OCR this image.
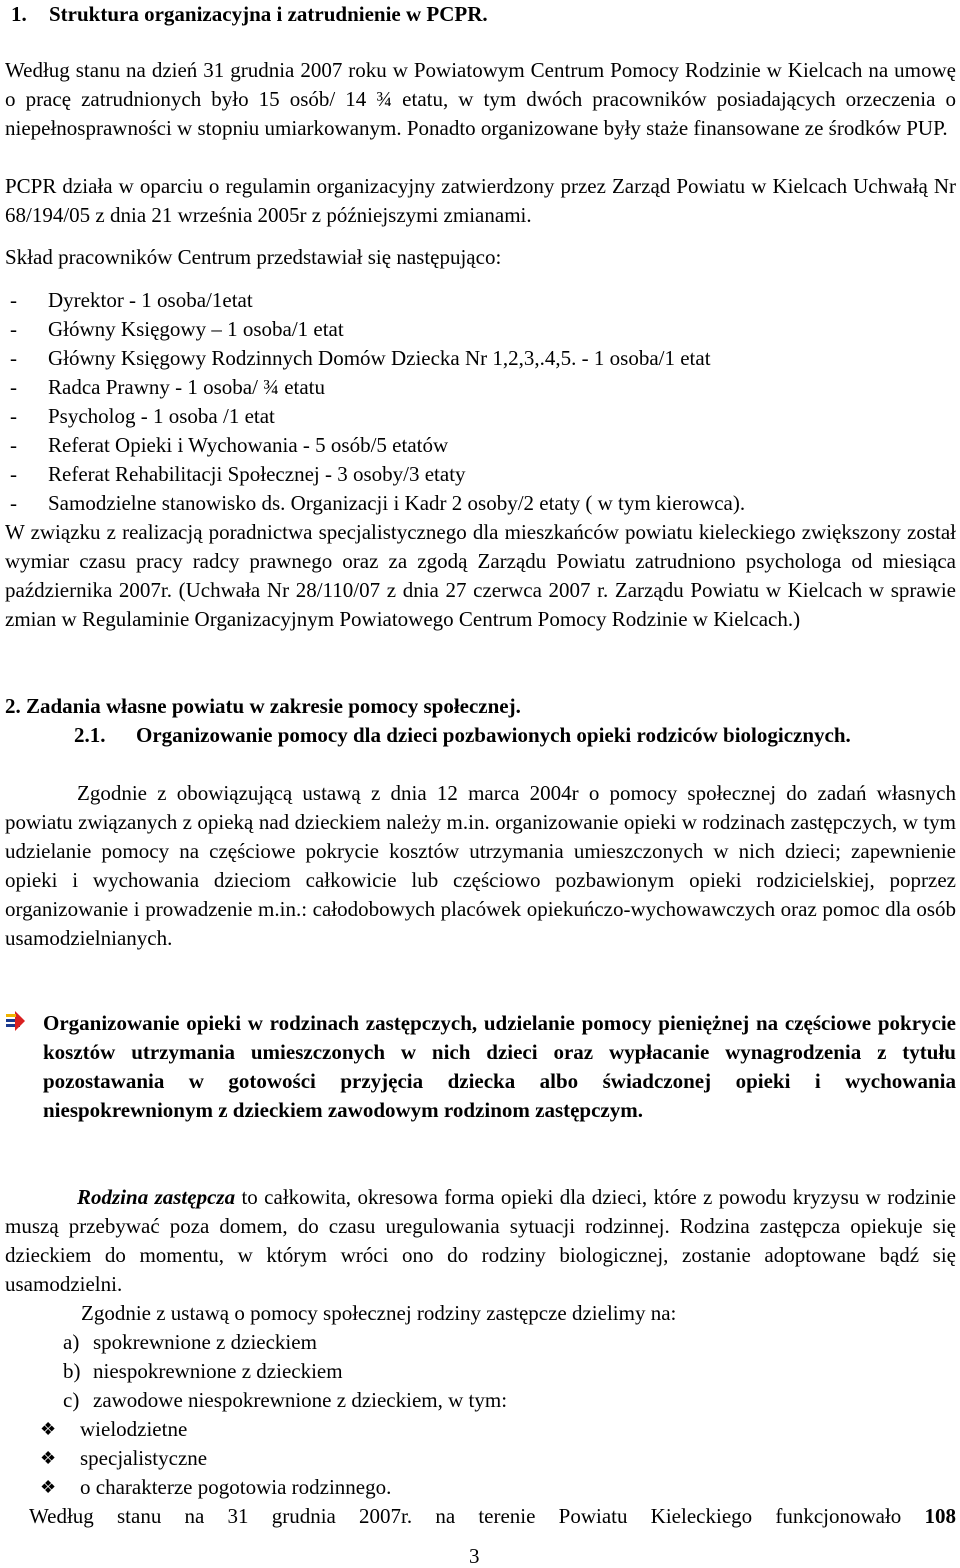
1. Struktura organizacyjna i zatrudnienie w PCPR.

Według stanu na dzień 31 grudnia 2007 roku w Powiatowym Centrum Pomocy Rodzinie w Kielcach na umowę o pracę zatrudnionych było 15 osób/ 14 ¾ etatu, w tym dwóch pracowników posiadających orzeczenia o niepełnosprawności w stopniu umiarkowanym. Ponadto organizowane były staże finansowane ze środków PUP.

PCPR działa w oparciu o regulamin organizacyjny zatwierdzony przez Zarząd Powiatu w Kielcach Uchwałą Nr 68/194/05 z dnia 21 września 2005r z późniejszymi zmianami.

Skład pracowników Centrum przedstawiał się następująco:

- Dyrektor - 1 osoba/1etat
- Główny Księgowy – 1 osoba/1 etat
- Główny Księgowy Rodzinnych Domów Dziecka Nr 1,2,3,.4,5. - 1 osoba/1 etat
- Radca Prawny - 1 osoba/ ¾ etatu
- Psycholog - 1 osoba /1 etat
- Referat Opieki i Wychowania - 5 osób/5 etatów
- Referat Rehabilitacji Społecznej - 3 osoby/3 etaty
- Samodzielne stanowisko ds. Organizacji i Kadr 2 osoby/2 etaty ( w tym kierowca).

W związku z realizacją poradnictwa specjalistycznego dla mieszkańców powiatu kieleckiego zwiększony został wymiar czasu pracy radcy prawnego oraz za zgodą Zarządu Powiatu zatrudniono psychologa od miesiąca października 2007r. (Uchwała Nr 28/110/07 z dnia 27 czerwca 2007 r. Zarządu Powiatu w Kielcach w sprawie zmian w Regulaminie Organizacyjnym Powiatowego Centrum Pomocy Rodzinie w Kielcach.)

2. Zadania własne powiatu w zakresie pomocy społecznej.

2.1. Organizowanie pomocy dla dzieci pozbawionych opieki rodziców biologicznych.

Zgodnie z obowiązującą ustawą z dnia 12 marca 2004r o pomocy społecznej do zadań własnych powiatu związanych z opieką nad dzieckiem należy m.in. organizowanie opieki w rodzinach zastępczych, w tym udzielanie pomocy na częściowe pokrycie kosztów utrzymania umieszczonych w nich dzieci; zapewnienie opieki i wychowania dzieciom całkowicie lub częściowo pozbawionym opieki rodzicielskiej, poprzez organizowanie i prowadzenie m.in.: całodobowych placówek opiekuńczo-wychowawczych oraz pomoc dla osób usamodzielnianych.

Organizowanie opieki w rodzinach zastępczych, udzielanie pomocy pieniężnej na częściowe pokrycie kosztów utrzymania umieszczonych w nich dzieci oraz wypłacanie wynagrodzenia z tytułu pozostawania w gotowości przyjęcia dziecka albo świadczonej opieki i wychowania niespokrewnionym z dzieckiem zawodowym rodzinom zastępczym.

Rodzina zastępcza to całkowita, okresowa forma opieki dla dzieci, które z powodu kryzysu w rodzinie muszą przebywać poza domem, do czasu uregulowania sytuacji rodzinnej. Rodzina zastępcza opiekuje się dzieckiem do momentu, w którym wróci ono do rodziny biologicznej, zostanie adoptowane bądź się usamodzielni.

Zgodnie z ustawą o pomocy społecznej rodziny zastępcze dzielimy na:

a) spokrewnione z dzieckiem
b) niespokrewnione z dzieckiem
c) zawodowe niespokrewnione z dzieckiem, w tym:
❖ wielodzietne
❖ specjalistyczne
❖ o charakterze pogotowia rodzinnego.

Według stanu na 31 grudnia 2007r. na terenie Powiatu Kieleckiego funkcjonowało 108

3
